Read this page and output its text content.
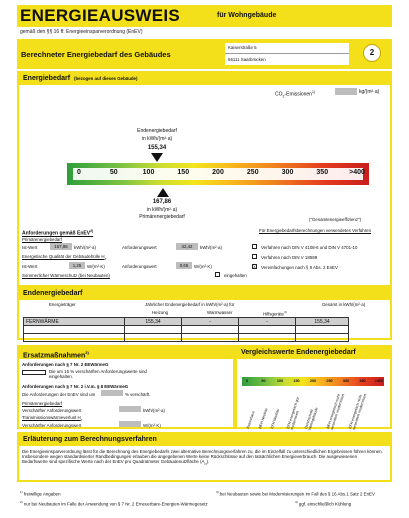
ENERGIEAUSWEIS	für Wohngebäude
gemäß den §§ 16 ff. Energieeinsparverordnung (EnEV)
Berechneter Energiebedarf des Gebäudes
Kaiserstraße 5
66111 Saarbrücken
2
Energiebedarf (bezogen auf dieses Gebäude)
$CO_2-Emissionen^{1)}$	kg/(m²·a)
Endenergiebedarf
in kWh/(m²·a)
155,34
0	50	100	150	200	250	300	350	>400
167,86
in kWh/(m²·a)
Primärenergiebedarf	("Gesamtenergieeffizienz")
Anforderungen gemäß EnEV$^{2)}$
Primärenergiebedarf
Ist-Wert	167,86	kWh/(m²·a)	Anforderungswert	42,42	kWh/(m²·a)
Energetische Qualität der Gebäudehülle $H_T$
Ist-Wert	1,25	W/(m²·K)	Anforderungswert	0,65	W/(m²·K)
Sommerlicher Wärmeschutz (bei Neubauten)	eingehalten
Für Energiebedarfsberechnungen verwendetes Verfahren
Verfahren nach DIN V 4108-6 und DIN V 4701-10
Verfahren nach DIN V 18599
x	Vereinfachungen nach § 9 Abs. 2 EnEV
Endenergiebedarf
Energieträger	Jährlicher Endenergiebedarf in kWh/(m²·a) für	Gesamt in kWh/(m²·a)
Heizung	Warmwasser	Hilfsgeräte$^{4)}$
FERNWÄRME	155,34	-	-	155,34

Ersatzmaßnahmen$^{3)}$
Anforderungen nach § 7 Nr. 2 EEWärmeG
Die um 15 % verschärften Anforderungswerte sind eingehalten.
Anforderungen nach § 7 Nr. 2 i.V.m. § 8 EEWärmeG
Die Anforderungen der EnEV sind um	% verschärft.
Primärenergiebedarf
Verschärfter Anforderungswert	kWh/(m²·a)
Transmissionswärmeverlust $H_T$
Verschärfter Anforderungswert	W/(m²·K)
Vergleichswerte Endenergiebedarf
0	50	100	150	200	250	300	350	>400
Passivhaus MFH Neubau EFH Neubau	EFH energetisch gut modernisiert	Durchschnitt Wohngebäude	MFH energetisch nicht wesentlich modernisiert EFH energetisch nicht wesentlich modernisiert
Erläuterung zum Berechnungsverfahren
Die Energieeinsparverordnung lässt für die Berechnung des Energiebedarfs zwei alternative Berechnungsverfahren zu, die im Einzelfall zu unterschiedlichen Ergebnissen führen können. Insbesondere wegen standardisierter Randbedingungen erlauben die angegebenen Werte keine Rückschlüsse auf den tatsächlichen Energieverbrauch. Die ausgewiesenen Bedarfswerte sind spezifische Werte nach der EnEV pro Quadratmeter Gebäudenutzfläche $(A_N)$.
$^{1)}$ freiwillige Angaben	$^{3)}$ bei Neubauten sowie bei Modernisierungen im Fall des § 16 Abs.1 Satz 2 EnEV
$^{2)}$ nur bei Neubauten im Falle der Anwendung von § 7 Nr. 2 Erneuerbare-Energien-Wärmegesetz	$^{4)}$ ggf. einschließlich Kühlung
